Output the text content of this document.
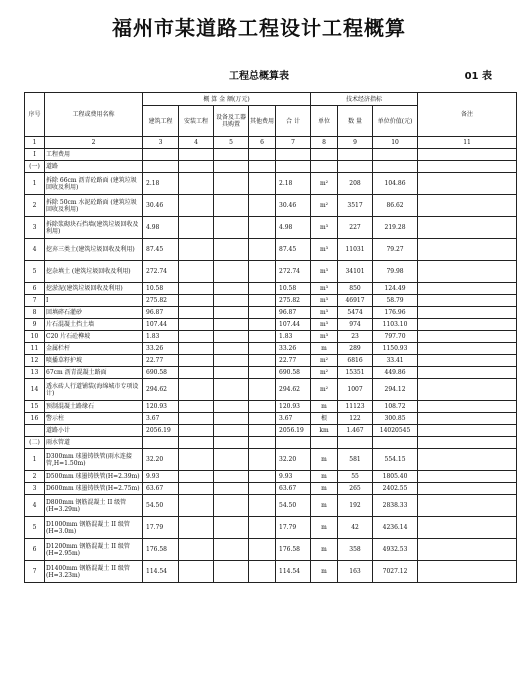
福州市某道路工程设计工程概算
工程总概算表	01 表
序号	工程或费用名称	概 算 金 额(万元)					技术经济指标			备注
		建筑工程	安装工程	设备及工器具购置	其他费用	合 计	单位	数 量	单位价值(元)	
1	2	3	4	5	6	7	8	9	10	11
I	工程费用									
(一)	道路									
1	拆除 66cm 沥青砼路面 (建筑垃圾回收及利用)	2.18				2.18	m²	208	104.86	
2	拆除 50cm 水泥砼路面 (建筑垃圾回收及利用)	30.46				30.46	m²	3517	86.62	
3	拆除浆砌块石挡墙(建筑垃圾回收及利用)	4.98				4.98	m³	227	219.28	
4	挖弃三类土(建筑垃圾回收及利用)	87.45				87.45	m³	11031	79.27	
5	挖杂填土 (建筑垃圾回收及利用)	272.74				272.74	m³	34101	79.98	
6	挖淤泥(建筑垃圾回收及利用)	10.58				10.58	m³	850	124.49	
7	I	275.82				275.82	m³	46917	58.79	
8	回填碎石灌砂	96.87				96.87	m³	5474	176.96	
9	片石混凝土挡土墙	107.44				107.44	m³	974	1103.10	
10	C20 片石砼榫坡	1.83				1.83	m³	23	797.70	
11	金属栏杆	33.26				33.26	m	289	1150.93	
12	喷播草籽护坡	22.77				22.77	m²	6816	33.41	
13	67cm 沥青混凝土路面	690.58				690.58	m²	15351	449.86	
14	透水砖人行道铺装(海绵城市专项设计)	294.62				294.62	m²	1007	294.12	
15	预制混凝土路缘石	120.93				120.93	m	11123	108.72	
16	警示柱	3.67				3.67	根	122	300.85	
	道路小计	2056.19				2056.19	km	1.467	14020545	
(二)	雨水管道									
1	D300mm 球墨铸铁管(雨水连接管,H=1.50m)	32.20				32.20	m	581	554.15	
2	D500mm 球墨铸铁管(H=2.39m)	9.93				9.93	m	55	1805.40	
3	D600mm 球墨铸铁管(H=2.75m)	63.67				63.67	m	265	2402.55	
4	D800mm 钢筋混凝土 II 级管(H=3.29m)	54.50				54.50	m	192	2838.33	
5	D1000mm 钢筋混凝土 II 级管(H=3.0m)	17.79				17.79	m	42	4236.14	
6	D1200mm 钢筋混凝土 II 级管(H=2.95m)	176.58				176.58	m	358	4932.53	
7	D1400mm 钢筋混凝土 II 级管(H=3.23m)	114.54				114.54	m	163	7027.12	
